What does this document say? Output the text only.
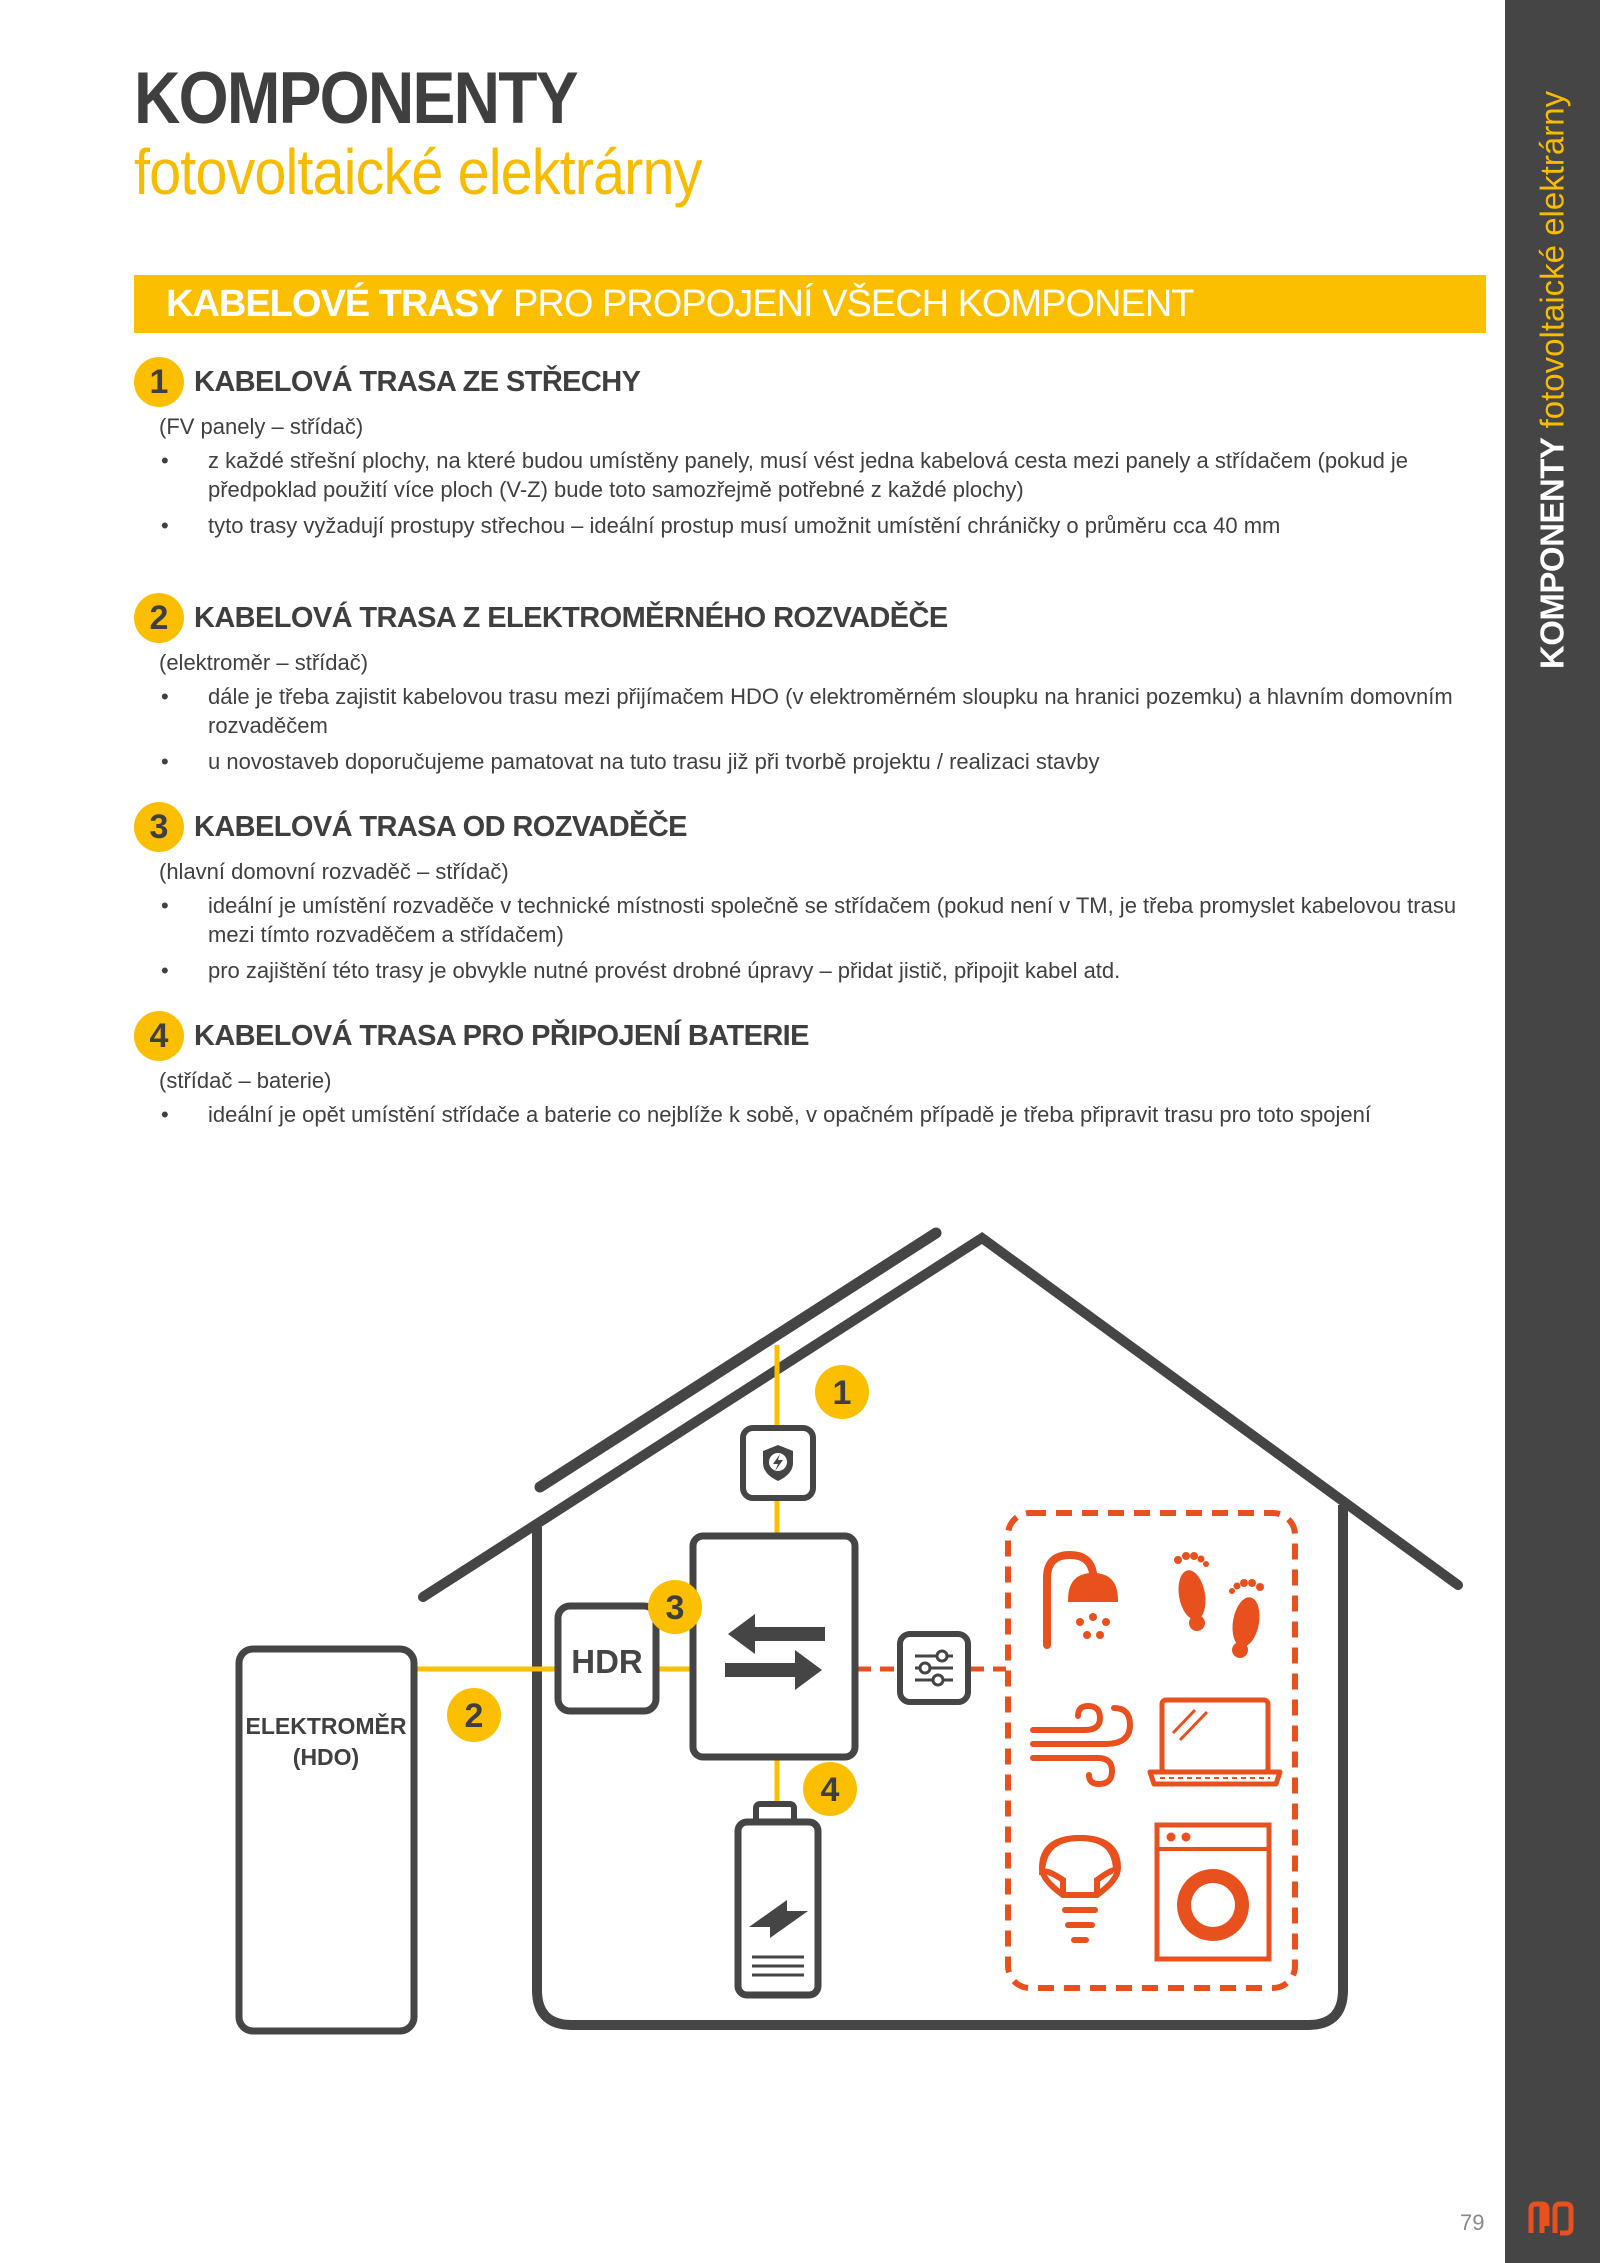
KOMPONENTY fotovoltaické elektrárny
KOMPONENTY
fotovoltaické elektrárny
KABELOVÉ TRASY PRO PROPOJENÍ VŠECH KOMPONENT
1 KABELOVÁ TRASA ZE STŘECHY
(FV panely – střídač)
• z každé střešní plochy, na které budou umístěny panely, musí vést jedna kabelová cesta mezi panely a střídačem (pokud je předpoklad použití více ploch (V-Z) bude toto samozřejmě potřebné z každé plochy)
• tyto trasy vyžadují prostupy střechou – ideální prostup musí umožnit umístění chráničky o průměru cca 40 mm
2 KABELOVÁ TRASA Z ELEKTROMĚRNÉHO ROZVADĚČE
(elektroměr – střídač)
• dále je třeba zajistit kabelovou trasu mezi přijímačem HDO (v elektroměrném sloupku na hranici pozemku) a hlavním domovním rozvaděčem
• u novostaveb doporučujeme pamatovat na tuto trasu již při tvorbě projektu / realizaci stavby
3 KABELOVÁ TRASA OD ROZVADĚČE
(hlavní domovní rozvaděč – střídač)
• ideální je umístění rozvaděče v technické místnosti společně se střídačem (pokud není v TM, je třeba promyslet kabelovou trasu mezi tímto rozvaděčem a střídačem)
• pro zajištění této trasy je obvykle nutné provést drobné úpravy – přidat jistič, připojit kabel atd.
4 KABELOVÁ TRASA PRO PŘIPOJENÍ BATERIE
(střídač – baterie)
• ideální je opět umístění střídače a baterie co nejblíže k sobě, v opačném případě je třeba připravit trasu pro toto spojení
ELEKTROMĚR
(HDO)
HDR
1
2
3
4
79
